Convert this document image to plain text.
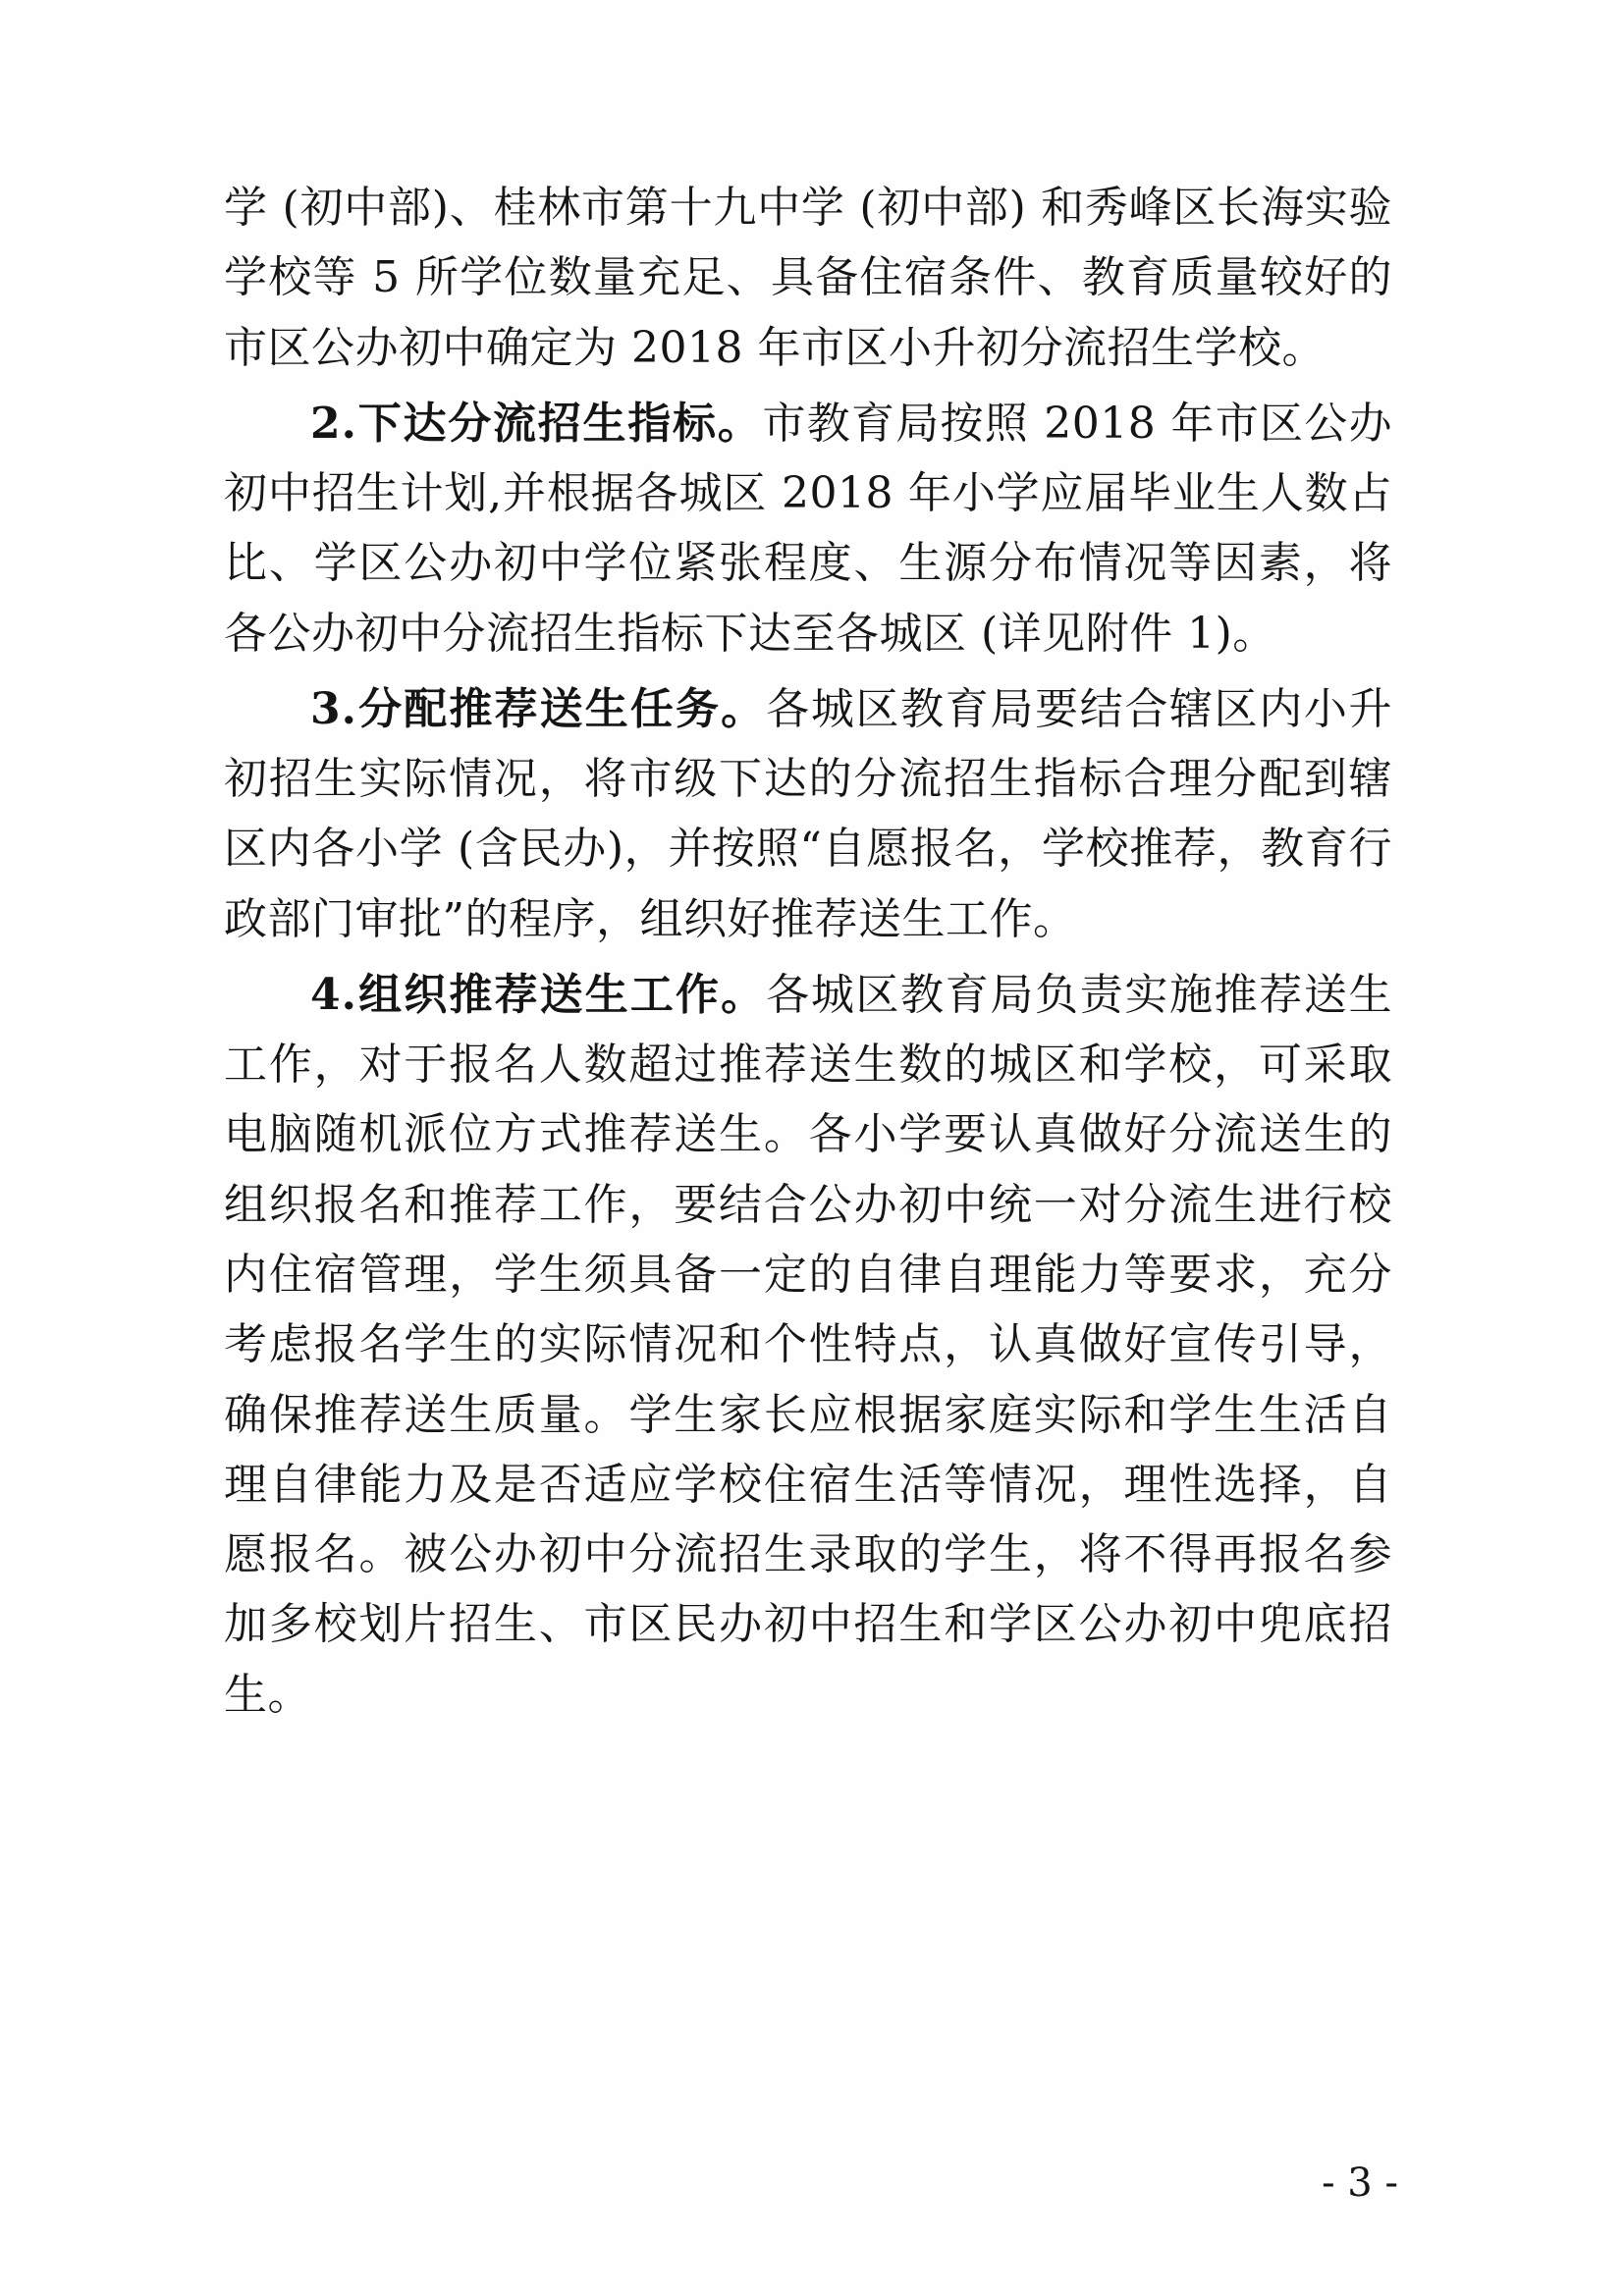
学 (初中部)、桂林市第十九中学 (初中部) 和秀峰区长海实验学校等 5 所学位数量充足、具备住宿条件、教育质量较好的市区公办初中确定为 2018 年市区小升初分流招生学校。

2.下达分流招生指标。市教育局按照 2018 年市区公办初中招生计划,并根据各城区 2018 年小学应届毕业生人数占比、学区公办初中学位紧张程度、生源分布情况等因素，将各公办初中分流招生指标下达至各城区 (详见附件 1)。

3.分配推荐送生任务。各城区教育局要结合辖区内小升初招生实际情况，将市级下达的分流招生指标合理分配到辖区内各小学 (含民办)，并按照“自愿报名，学校推荐，教育行政部门审批”的程序，组织好推荐送生工作。

4.组织推荐送生工作。各城区教育局负责实施推荐送生工作，对于报名人数超过推荐送生数的城区和学校，可采取电脑随机派位方式推荐送生。各小学要认真做好分流送生的组织报名和推荐工作，要结合公办初中统一对分流生进行校内住宿管理，学生须具备一定的自律自理能力等要求，充分考虑报名学生的实际情况和个性特点，认真做好宣传引导，确保推荐送生质量。学生家长应根据家庭实际和学生生活自理自律能力及是否适应学校住宿生活等情况，理性选择，自愿报名。被公办初中分流招生录取的学生，将不得再报名参加多校划片招生、市区民办初中招生和学区公办初中兜底招生。

- 3 -
